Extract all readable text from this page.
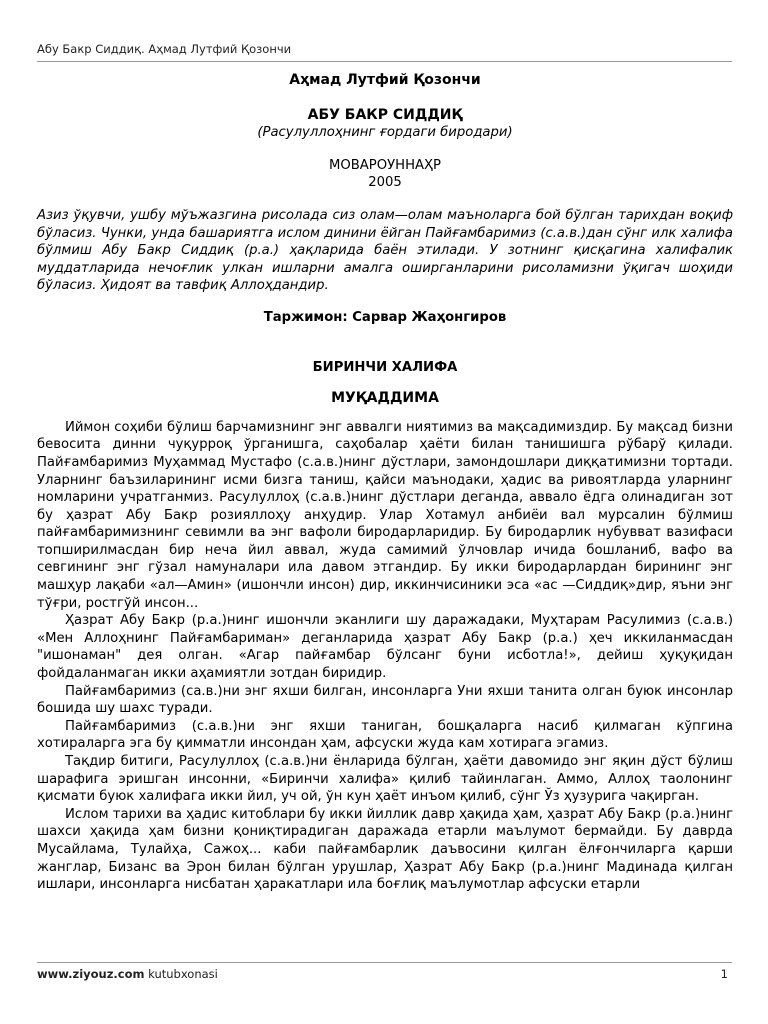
Абу Бакр Сиддиқ. Аҳмад Лутфий Қозончи
Аҳмад Лутфий Қозончи
АБУ БАКР СИДДИҚ
(Расулуллоҳнинг ғордаги биродари)
МОВАРОУННАҲР
2005
Азиз ўқувчи, ушбу мўъжазгина рисолада сиз олам—олам маъноларга бой бўлган тарихдан воқиф бўласиз. Чунки, унда башариятга ислом динини ёйган Пайғамбаримиз (с.а.в.)дан сўнг илк халифа бўлмиш Абу Бакр Сиддиқ (р.а.) ҳақларида баён этилади. У зотнинг қисқагина халифалик муддатларида нечоғлик улкан ишларни амалга оширганларини рисоламизни ўқигач шоҳиди бўласиз. Ҳидоят ва тавфиқ Аллоҳдандир.
Таржимон: Сарвар Жаҳонгиров
БИРИНЧИ ХАЛИФА
МУҚАДДИМА

Иймон соҳиби бўлиш барчамизнинг энг аввалги ниятимиз ва мақсадимиздир. Бу мақсад бизни бевосита динни чуқурроқ ўрганишга, саҳобалар ҳаёти билан танишишга рўбарў қилади. Пайғамбаримиз Муҳаммад Мустафо (с.а.в.)нинг дўстлари, замондошлари диққатимизни тортади. Уларнинг баъзиларининг исми бизга таниш, қайси маънодаки, ҳадис ва ривоятларда уларнинг номларини учратганмиз. Расулуллоҳ (с.а.в.)нинг дўстлари деганда, аввало ёдга олинадиган зот бу ҳазрат Абу Бакр розияллоҳу анҳудир. Улар Хотамул анбиёи вал мурсалин бўлмиш пайғамбаримизнинг севимли ва энг вафоли биродарларидир. Бу биродарлик нубувват вазифаси топширилмасдан бир неча йил аввал, жуда самимий ўлчовлар ичида бошланиб, вафо ва севгининг энг гўзал намуналари ила давом этгандир. Бу икки биродарлардан бирининг энг машҳур лақаби «ал—Амин» (ишончли инсон) дир, иккинчисиники эса «ас —Сиддиқ»дир, яъни энг тўғри, ростгўй инсон...

Ҳазрат Абу Бакр (р.а.)нинг ишончли эканлиги шу даражадаки, Муҳтарам Расулимиз (с.а.в.) «Мен Аллоҳнинг Пайғамбариман» деганларида ҳазрат Абу Бакр (р.а.) ҳеч иккиланмасдан "ишонаман" дея олган. «Агар пайғамбар бўлсанг буни исботла!», дейиш ҳуқуқидан фойдаланмаган икки аҳамиятли зотдан биридир.

Пайғамбаримиз (са.в.)ни энг яхши билган, инсонларга Уни яхши танита олган буюк инсонлар бошида шу шахс туради.

Пайғамбаримиз (с.а.в.)ни энг яхши таниган, бошқаларга насиб қилмаган кўпгина хотираларга эга бу қимматли инсондан ҳам, афсуски жуда кам хотирага эгамиз.

Тақдир битиги, Расулуллоҳ (с.а.в.)ни ёнларида бўлган, ҳаёти давомидо энг яқин дўст бўлиш шарафига эришган инсонни, «Биринчи халифа» қилиб тайинлаган. Аммо, Аллоҳ таолонинг қисмати буюк халифага икки йил, уч ой, ўн кун ҳаёт инъом қилиб, сўнг Ўз ҳузурига чақирган.

Ислом тарихи ва ҳадис китоблари бу икки йиллик давр ҳақида ҳам, ҳазрат Абу Бакр (р.а.)нинг шахси ҳақида ҳам бизни қониқтирадиган даражада етарли маълумот бермайди. Бу даврда Мусайлама, Тулайҳа, Сажоҳ... каби пайғамбарлик даъвосини қилган ёлғончиларга қарши жанглар, Бизанс ва Эрон билан бўлган урушлар, Ҳазрат Абу Бакр (р.а.)нинг Мадинада қилган ишлари, инсонларга нисбатан ҳаракатлари ила боғлиқ маълумотлар афсуски етарли

www.ziyouz.com kutubxonasi	1
